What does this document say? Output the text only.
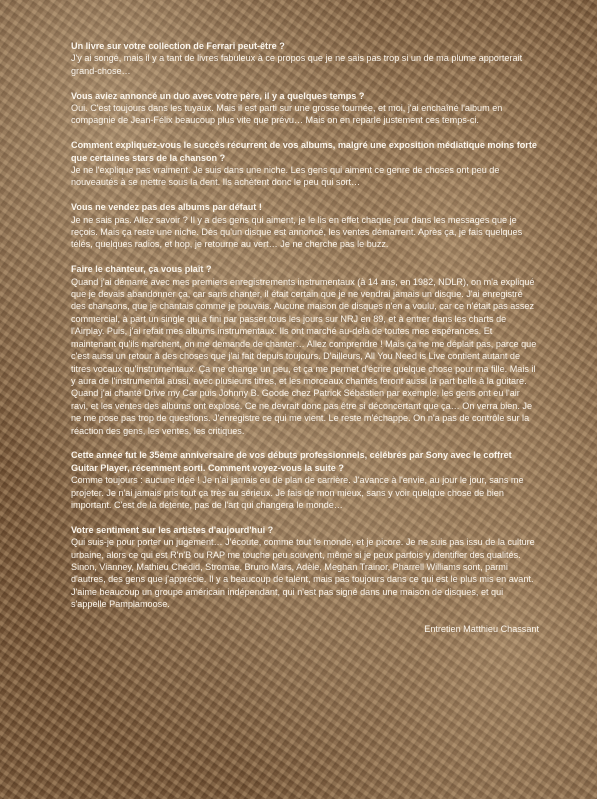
Un livre sur votre collection de Ferrari peut-être ?

J'y ai songé, mais il y a tant de livres fabuleux à ce propos que je ne sais pas trop si un de ma plume apporterait grand-chose…

Vous aviez annoncé un duo avec votre père, il y a quelques temps ?

Oui. C'est toujours dans les tuyaux. Mais il est parti sur une grosse tournée, et moi, j'ai enchaîné l'album en compagnie de Jean-Félix beaucoup plus vite que prévu… Mais on en reparle justement ces temps-ci.

Comment expliquez-vous le succès récurrent de vos albums, malgré une exposition médiatique moins forte que certaines stars de la chanson ?

Je ne l'explique pas vraiment. Je suis dans une niche. Les gens qui aiment ce genre de choses ont peu de nouveautés à se mettre sous la dent. Ils achètent donc le peu qui sort…

Vous ne vendez pas des albums par défaut !

Je ne sais pas. Allez savoir ? Il y a des gens qui aiment, je le lis en effet chaque jour dans les messages que je reçois. Mais ça reste une niche. Dès qu'un disque est annoncé, les ventes démarrent. Après ça, je fais quelques télés, quelques radios, et hop, je retourne au vert… Je ne cherche pas le buzz.

Faire le chanteur, ça vous plaît ?

Quand j'ai démarré avec mes premiers enregistrements instrumentaux (à 14 ans, en 1982, NDLR), on m'a expliqué que je devais abandonner ça, car sans chanter, il était certain que je ne vendrai jamais un disque. J'ai enregistré des chansons, que je chantais comme je pouvais. Aucune maison de disques n'en a voulu, car ce n'était pas assez commercial, à part un single qui a fini par passer tous les jours sur NRJ en 89, et à entrer dans les charts de l'Airplay. Puis, j'ai refait mes albums instrumentaux. Ils ont marché au-delà de toutes mes espérances. Et maintenant qu'ils marchent, on me demande de chanter… Allez comprendre ! Mais ça ne me déplait pas, parce que c'est aussi un retour à des choses que j'ai fait depuis toujours. D'ailleurs, All You Need is Live contient autant de titres vocaux qu'instrumentaux. Ça me change un peu, et ça me permet d'écrire quelque chose pour ma fille. Mais il y aura de l'instrumental aussi, avec plusieurs titres, et les morceaux chantés feront aussi la part belle à la guitare. Quand j'ai chanté Drive my Car puis Johnny B. Goode chez Patrick Sébastien par exemple, les gens ont eu l'air ravi, et les ventes des albums ont explosé. Ce ne devrait donc pas être si déconcertant que ça… On verra bien. Je ne me pose pas trop de questions. J'enregistre ce qui me vient. Le reste m'échappe. On n'a pas de contrôle sur la réaction des gens, les ventes, les critiques.

Cette année fut le 35ème anniversaire de vos débuts professionnels, célébrés par Sony avec le coffret Guitar Player, récemment sorti. Comment voyez-vous la suite ?

Comme toujours : aucune idée ! Je n'ai jamais eu de plan de carrière. J'avance à l'envie, au jour le jour, sans me projeter. Je n'ai jamais pris tout ça très au sérieux. Je fais de mon mieux, sans y voir quelque chose de bien important. C'est de la détente, pas de l'art qui changera le monde…

Votre sentiment sur les artistes d'aujourd'hui ?

Qui suis-je pour porter un jugement… J'écoute, comme tout le monde, et je picore. Je ne suis pas issu de la culture urbaine, alors ce qui est R'n'B ou RAP me touche peu souvent, même si je peux parfois y identifier des qualités. Sinon, Vianney, Mathieu Chédid, Stromae, Bruno Mars, Adèle, Meghan Trainor, Pharrell Williams sont, parmi d'autres, des gens que j'apprécie. Il y a beaucoup de talent, mais pas toujours dans ce qui est le plus mis en avant. J'aime beaucoup un groupe américain indépendant, qui n'est pas signé dans une maison de disques, et qui s'appelle Pamplamoose.

Entretien Matthieu Chassant
